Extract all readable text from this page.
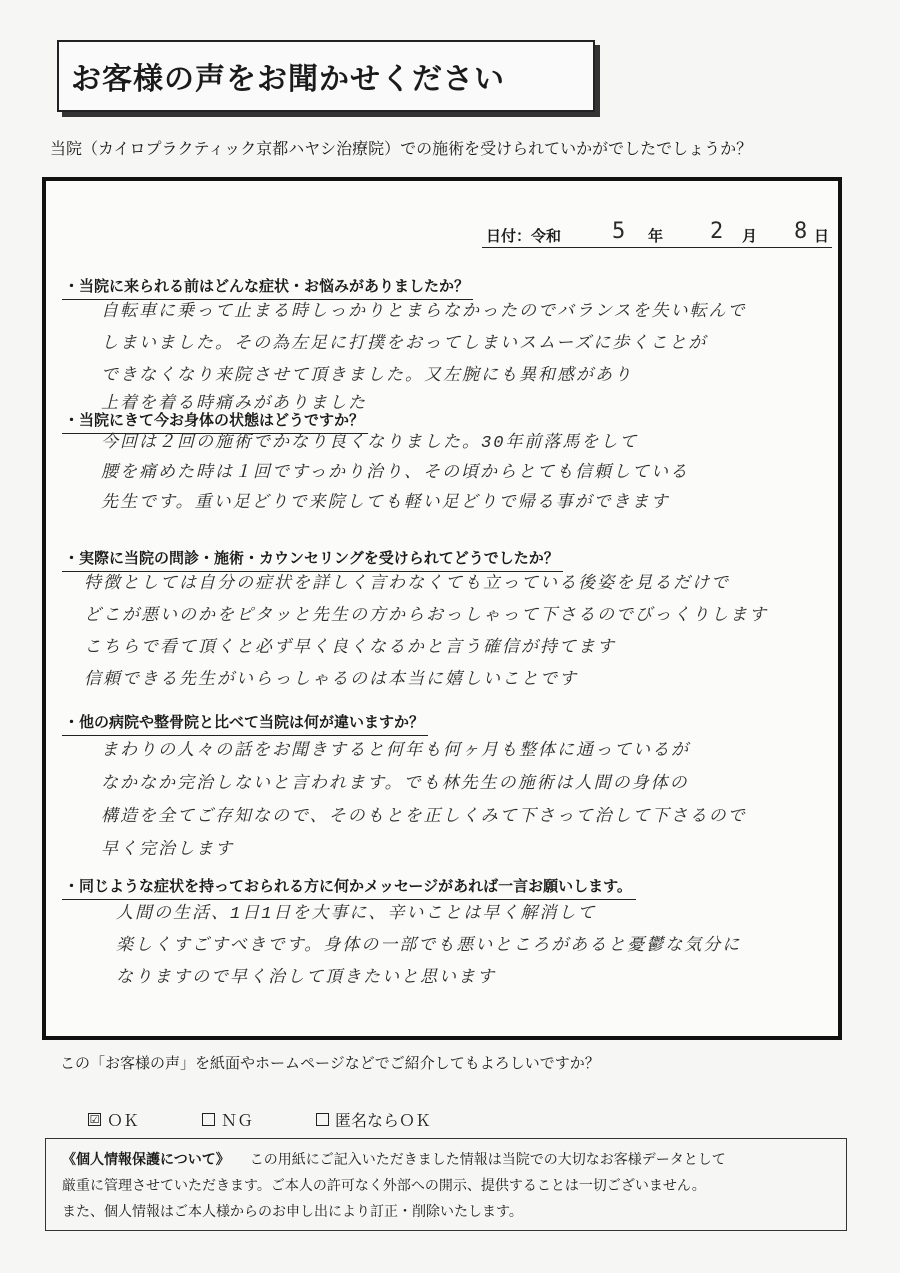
お客様の声をお聞かせください
当院（カイロプラクティック京都ハヤシ治療院）での施術を受けられていかがでしたでしょうか？
日付：令和 5 年 2 月 8 日
・当院に来られる前はどんな症状・お悩みがありましたか？
自転車に乗って止まる時しっかりとまらなかったのでバランスを失い転んで
しまいました。その為左足に打撲をおってしまいスムーズに歩くことが
できなくなり来院させて頂きました。又左腕にも異和感があり
上着を着る時痛みがありました
・当院にきて今お身体の状態はどうですか？
今回は２回の施術でかなり良くなりました。30年前落馬をして
腰を痛めた時は１回ですっかり治り、その頃からとても信頼している
先生です。重い足どりで来院しても軽い足どりで帰る事ができます
・実際に当院の問診・施術・カウンセリングを受けられてどうでしたか？
特徴としては自分の症状を詳しく言わなくても立っている後姿を見るだけで
どこが悪いのかをピタッと先生の方からおっしゃって下さるのでびっくりします
こちらで看て頂くと必ず早く良くなるかと言う確信が持てます
信頼できる先生がいらっしゃるのは本当に嬉しいことです
・他の病院や整骨院と比べて当院は何が違いますか？
まわりの人々の話をお聞きすると何年も何ヶ月も整体に通っているが
なかなか完治しないと言われます。でも林先生の施術は人間の身体の
構造を全てご存知なので、そのもとを正しくみて下さって治して下さるので
早く完治します
・同じような症状を持っておられる方に何かメッセージがあれば一言お願いします。
人間の生活、1日1日を大事に、辛いことは早く解消して
楽しくすごすべきです。身体の一部でも悪いところがあると憂鬱な気分に
なりますので早く治して頂きたいと思います
この「お客様の声」を紙面やホームページなどでご紹介してもよろしいですか？
☑ ＯＫ	ＮＧ	匿名ならＯＫ
《個人情報保護について》 この用紙にご記入いただきました情報は当院での大切なお客様データとして
厳重に管理させていただきます。ご本人の許可なく外部への開示、提供することは一切ございません。
また、個人情報はご本人様からのお申し出により訂正・削除いたします。
